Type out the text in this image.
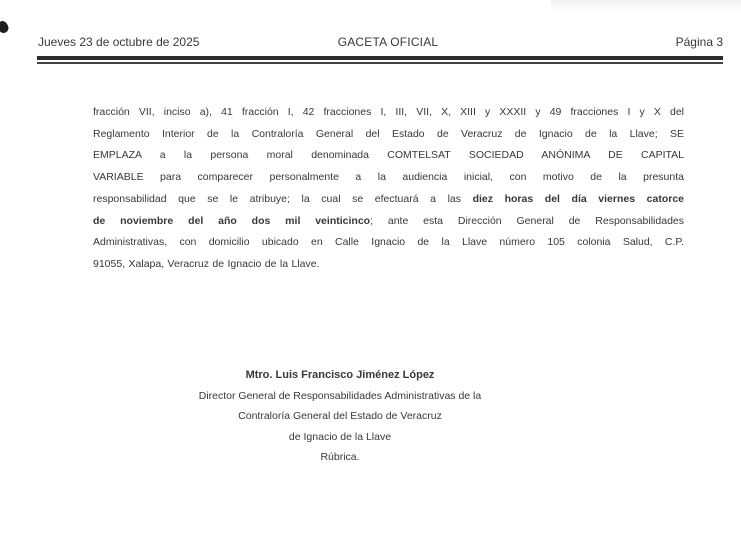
Jueves 23 de octubre de 2025	GACETA OFICIAL	Página 3
fracción VII, inciso a), 41 fracción I, 42 fracciones I, III, VII, X, XIII y XXXII y 49 fracciones I y X del
Reglamento Interior de la Contraloría General del Estado de Veracruz de Ignacio de la Llave; SE
EMPLAZA a la persona moral denominada COMTELSAT SOCIEDAD ANÓNIMA DE CAPITAL
VARIABLE para comparecer personalmente a la audiencia inicial, con motivo de la presunta
responsabilidad que se le atribuye; la cual se efectuará a las diez horas del día viernes catorce
de noviembre del año dos mil veinticinco; ante esta Dirección General de Responsabilidades
Administrativas, con domicilio ubicado en Calle Ignacio de la Llave número 105 colonia Salud, C.P.
91055, Xalapa, Veracruz de Ignacio de la Llave.
Mtro. Luis Francisco Jiménez López
Director General de Responsabilidades Administrativas de la
Contraloría General del Estado de Veracruz
de Ignacio de la Llave
Rúbrica.
